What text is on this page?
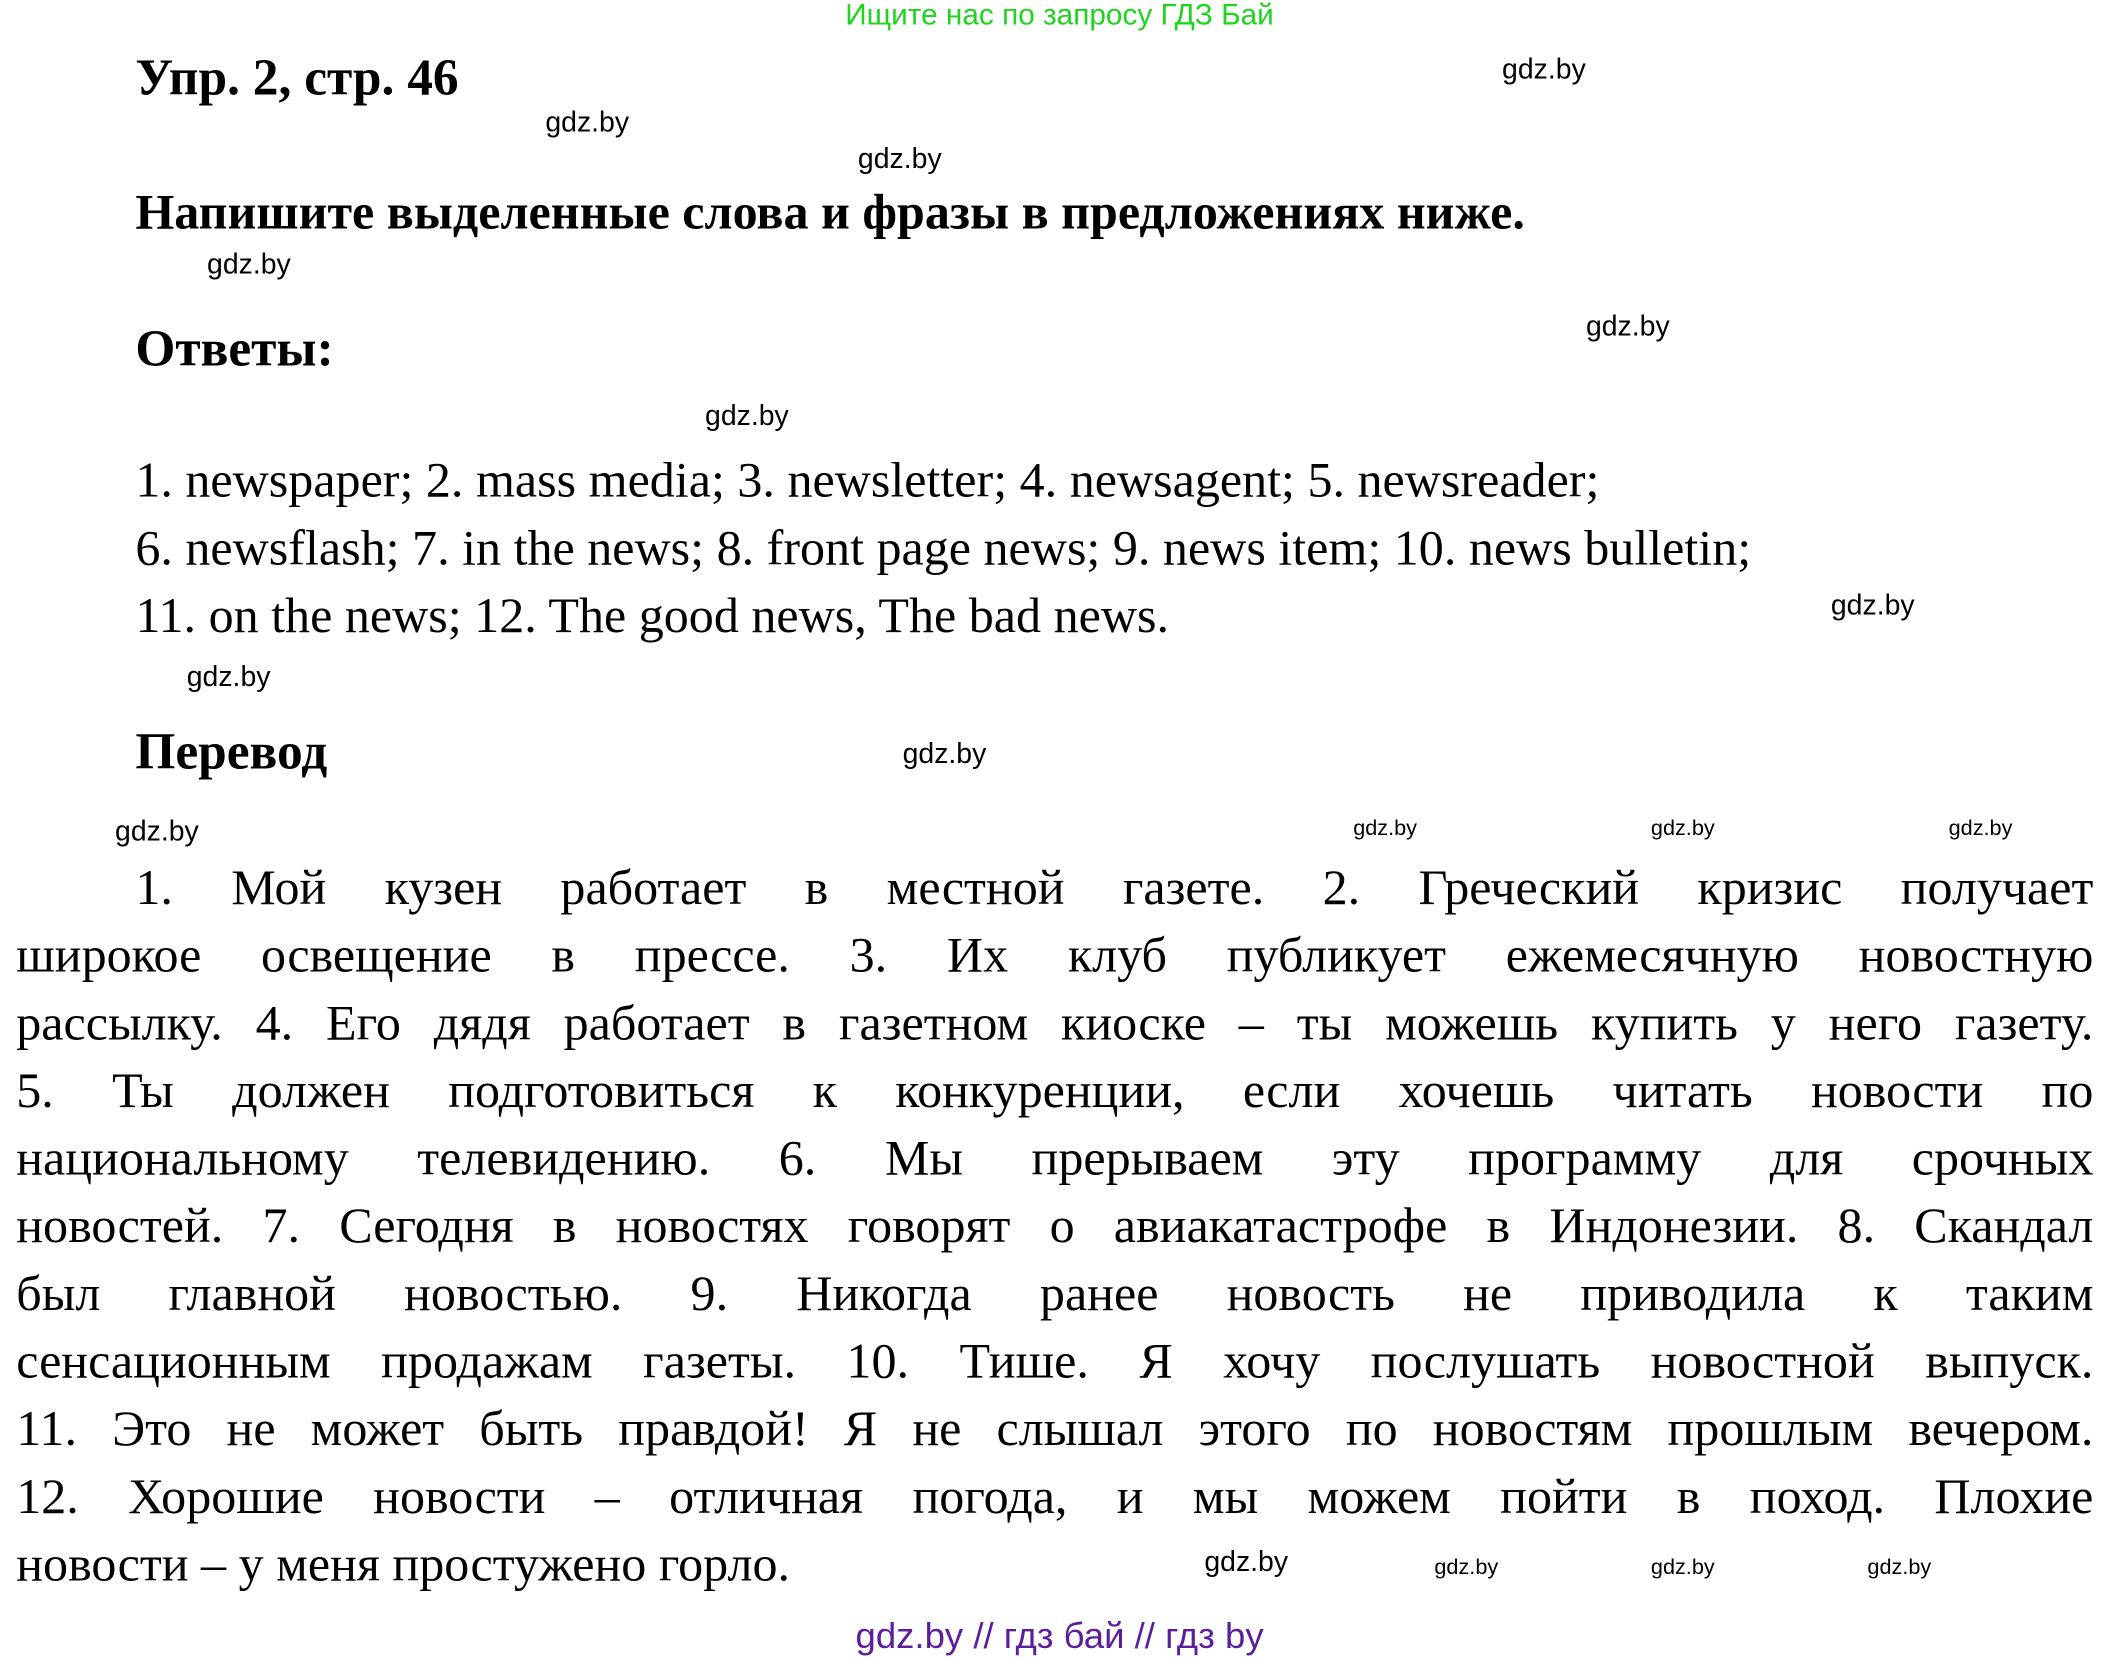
Ищите нас по запросу ГДЗ Бай
Упр. 2, стр. 46
Напишите выделенные слова и фразы в предложениях ниже.
Ответы:
1. newspaper; 2. mass media; 3. newsletter; 4. newsagent; 5. newsreader;
6. newsflash; 7. in the news; 8. front page news; 9. news item; 10. news bulletin;
11. on the news; 12. The good news, The bad news.
Перевод
1. Мой кузен работает в местной газете. 2. Греческий кризис получает
широкое освещение в прессе. 3. Их клуб публикует ежемесячную новостную
рассылку. 4. Его дядя работает в газетном киоске – ты можешь купить у него газету.
5. Ты должен подготовиться к конкуренции, если хочешь читать новости по
национальному телевидению. 6. Мы прерываем эту программу для срочных
новостей. 7. Сегодня в новостях говорят о авиакатастрофе в Индонезии. 8. Скандал
был главной новостью. 9. Никогда ранее новость не приводила к таким
сенсационным продажам газеты. 10. Тише. Я хочу послушать новостной выпуск.
11. Это не может быть правдой! Я не слышал этого по новостям прошлым вечером.
12. Хорошие новости – отличная погода, и мы можем пойти в поход. Плохие
новости – у меня простужено горло.
gdz.by
gdz.by
gdz.by
gdz.by
gdz.by
gdz.by
gdz.by
gdz.by
gdz.by
gdz.by	gdz.by
gdz.by	gdz.by
gdz.by	gdz.by	gdz.by
gdz.by
gdz.by // гдз бай // гдз by
